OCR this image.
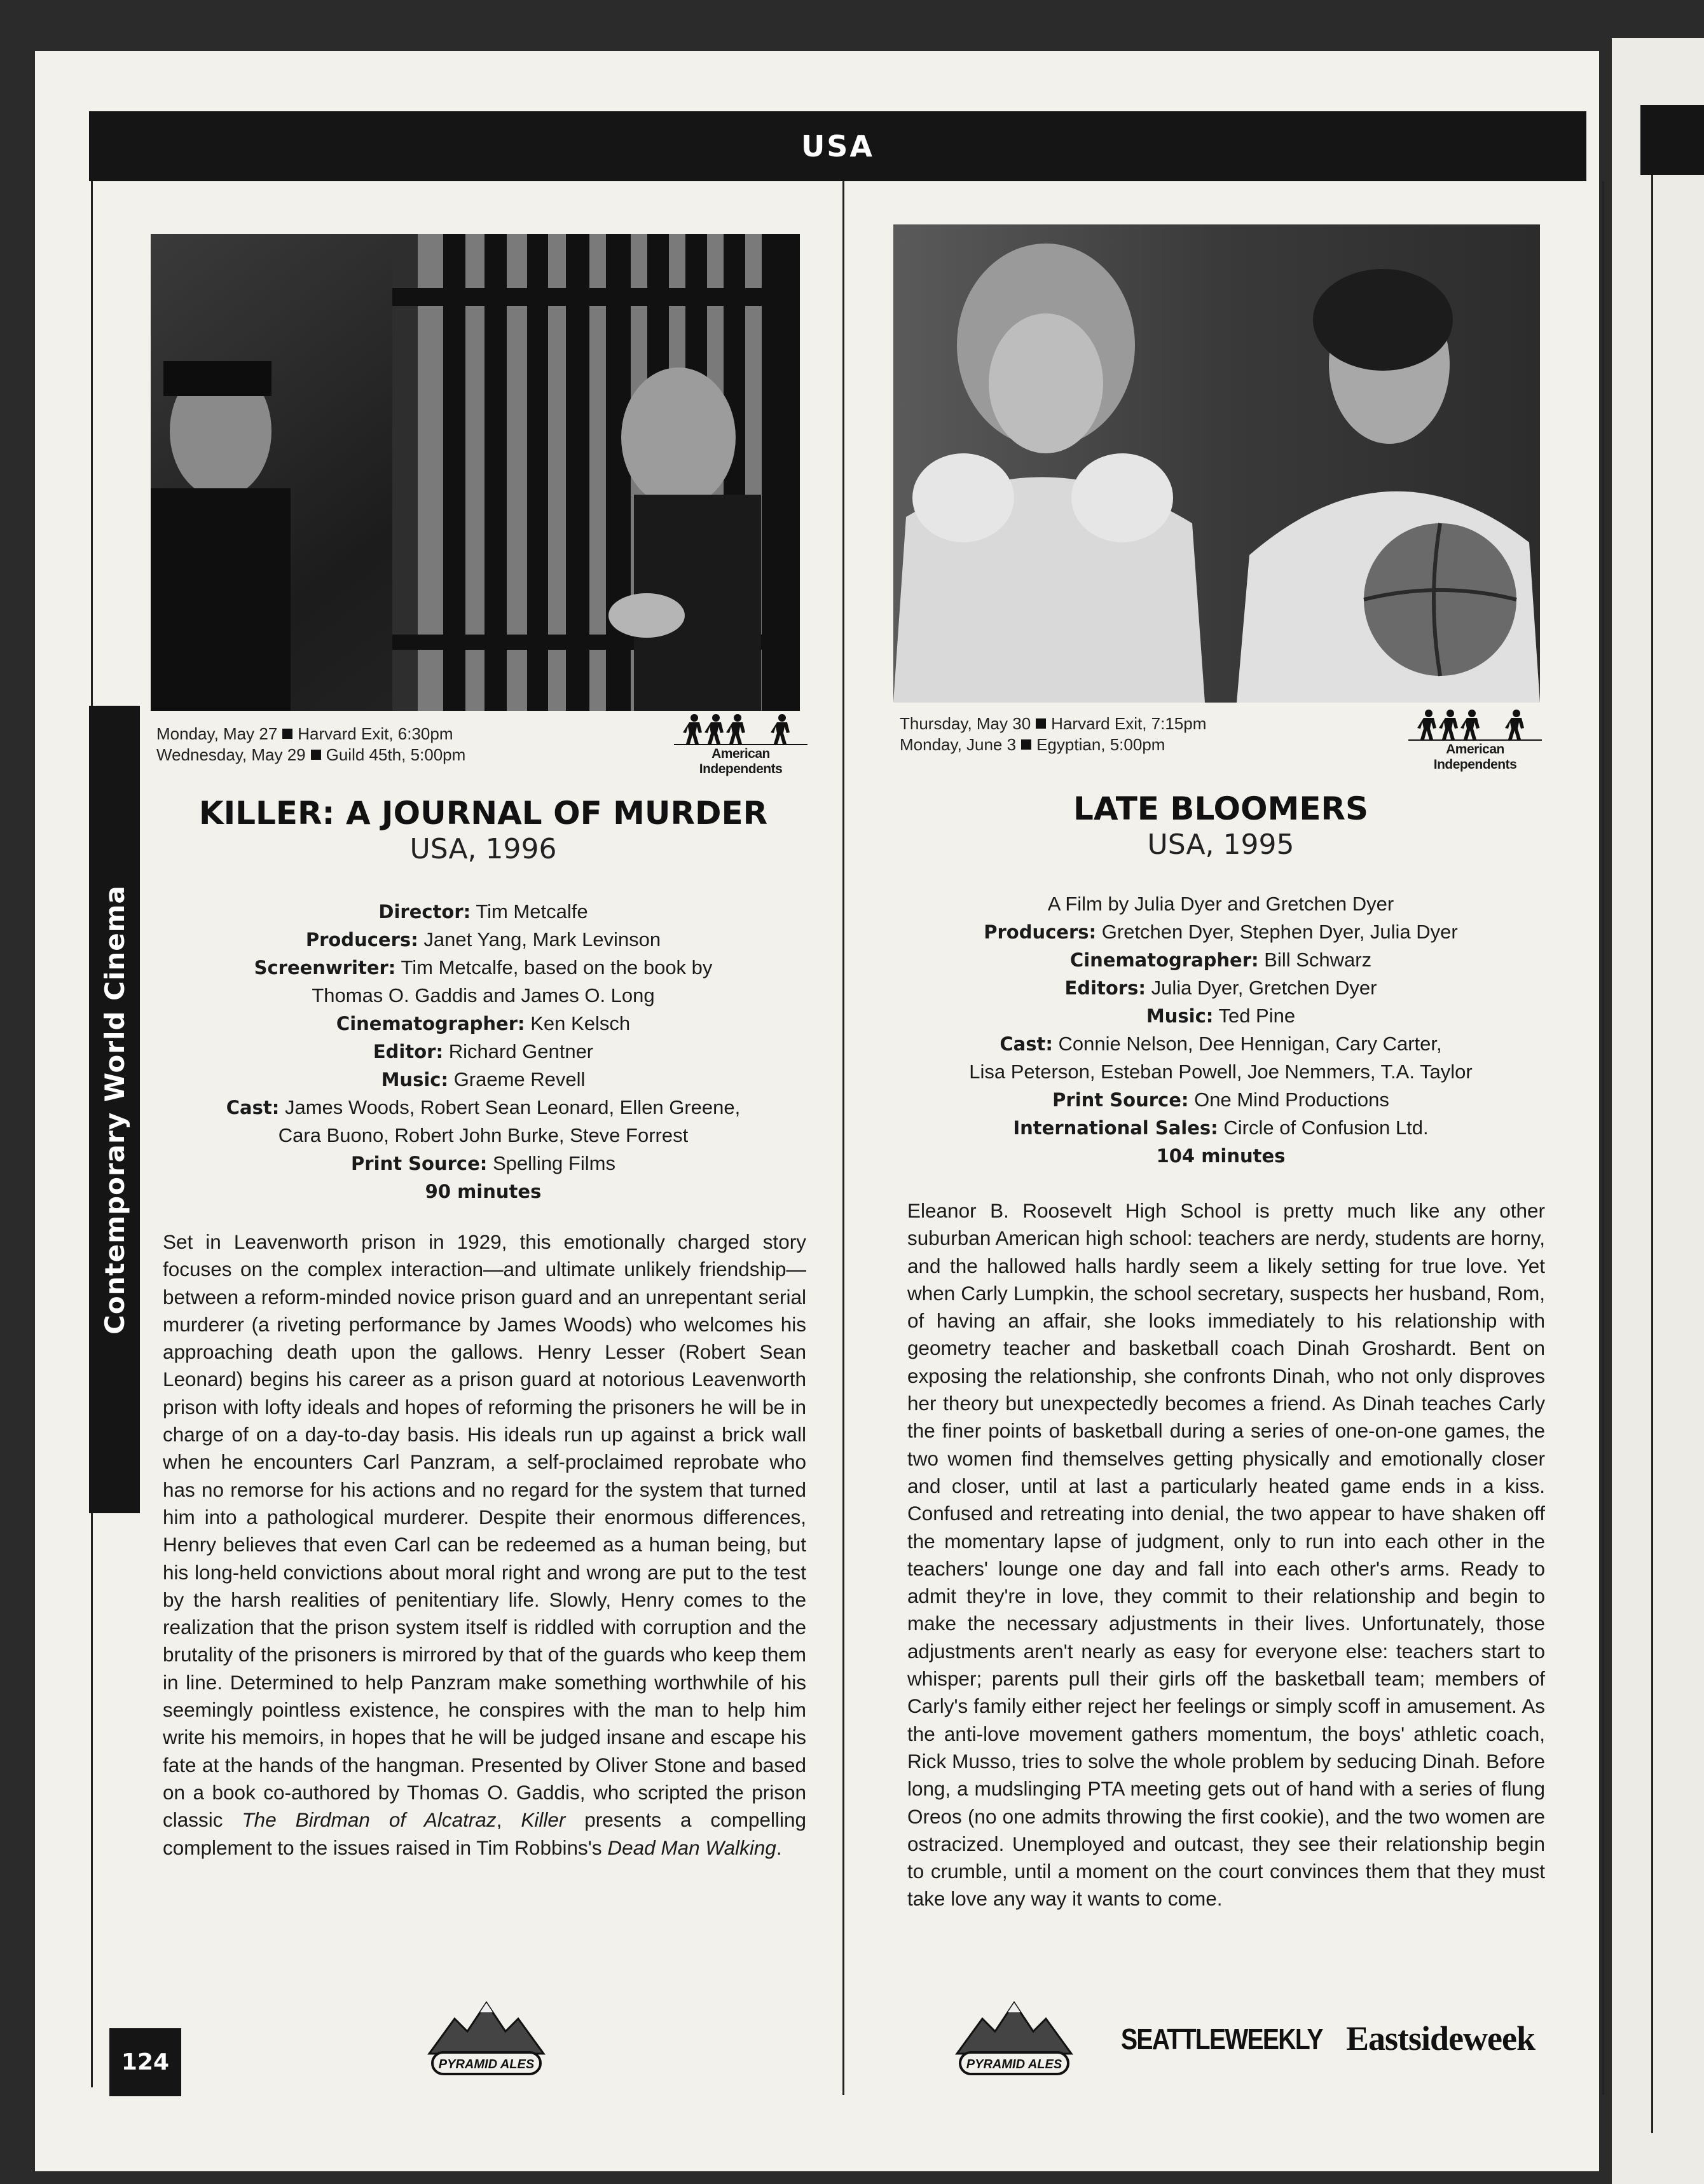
USA
Contemporary World Cinema
124
Monday, May 27 Harvard Exit, 6:30pm
Wednesday, May 29 Guild 45th, 5:00pm	American Independents
KILLER: A JOURNAL OF MURDER
USA, 1996
Director: Tim Metcalfe
Producers: Janet Yang, Mark Levinson
Screenwriter: Tim Metcalfe, based on the book by
Thomas O. Gaddis and James O. Long
Cinematographer: Ken Kelsch
Editor: Richard Gentner
Music: Graeme Revell
Cast: James Woods, Robert Sean Leonard, Ellen Greene,
Cara Buono, Robert John Burke, Steve Forrest
Print Source: Spelling Films
90 minutes
Set in Leavenworth prison in 1929, this emotionally charged story focuses on the complex interaction—and ultimate unlikely friendship—between a reform-minded novice prison guard and an unrepentant serial murderer (a riveting performance by James Woods) who welcomes his approaching death upon the gallows. Henry Lesser (Robert Sean Leonard) begins his career as a prison guard at notorious Leavenworth prison with lofty ideals and hopes of reforming the prisoners he will be in charge of on a day-to-day basis. His ideals run up against a brick wall when he encounters Carl Panzram, a self-proclaimed reprobate who has no remorse for his actions and no regard for the system that turned him into a pathological murderer. Despite their enormous differences, Henry believes that even Carl can be redeemed as a human being, but his long-held convictions about moral right and wrong are put to the test by the harsh realities of penitentiary life. Slowly, Henry comes to the realization that the prison system itself is riddled with corruption and the brutality of the prisoners is mirrored by that of the guards who keep them in line. Determined to help Panzram make something worthwhile of his seemingly pointless existence, he conspires with the man to help him write his memoirs, in hopes that he will be judged insane and escape his fate at the hands of the hangman. Presented by Oliver Stone and based on a book co-authored by Thomas O. Gaddis, who scripted the prison classic The Birdman of Alcatraz, Killer presents a compelling complement to the issues raised in Tim Robbins's Dead Man Walking.
Thursday, May 30 Harvard Exit, 7:15pm
Monday, June 3 Egyptian, 5:00pm	American Independents
LATE BLOOMERS
USA, 1995
A Film by Julia Dyer and Gretchen Dyer
Producers: Gretchen Dyer, Stephen Dyer, Julia Dyer
Cinematographer: Bill Schwarz
Editors: Julia Dyer, Gretchen Dyer
Music: Ted Pine
Cast: Connie Nelson, Dee Hennigan, Cary Carter,
Lisa Peterson, Esteban Powell, Joe Nemmers, T.A. Taylor
Print Source: One Mind Productions
International Sales: Circle of Confusion Ltd.
104 minutes
Eleanor B. Roosevelt High School is pretty much like any other suburban American high school: teachers are nerdy, students are horny, and the hallowed halls hardly seem a likely setting for true love. Yet when Carly Lumpkin, the school secretary, suspects her husband, Rom, of having an affair, she looks immediately to his relationship with geometry teacher and basketball coach Dinah Groshardt. Bent on exposing the relationship, she confronts Dinah, who not only disproves her theory but unexpectedly becomes a friend. As Dinah teaches Carly the finer points of basketball during a series of one-on-one games, the two women find themselves getting physically and emotionally closer and closer, until at last a particularly heated game ends in a kiss. Confused and retreating into denial, the two appear to have shaken off the momentary lapse of judgment, only to run into each other in the teachers' lounge one day and fall into each other's arms. Ready to admit they're in love, they commit to their relationship and begin to make the necessary adjustments in their lives. Unfortunately, those adjustments aren't nearly as easy for everyone else: teachers start to whisper; parents pull their girls off the basketball team; members of Carly's family either reject her feelings or simply scoff in amusement. As the anti-love movement gathers momentum, the boys' athletic coach, Rick Musso, tries to solve the whole problem by seducing Dinah. Before long, a mudslinging PTA meeting gets out of hand with a series of flung Oreos (no one admits throwing the first cookie), and the two women are ostracized. Unemployed and outcast, they see their relationship begin to crumble, until a moment on the court convinces them that they must take love any way it wants to come.
PYRAMID ALES	PYRAMID ALES
SEATTLEWEEKLY Eastsideweek
